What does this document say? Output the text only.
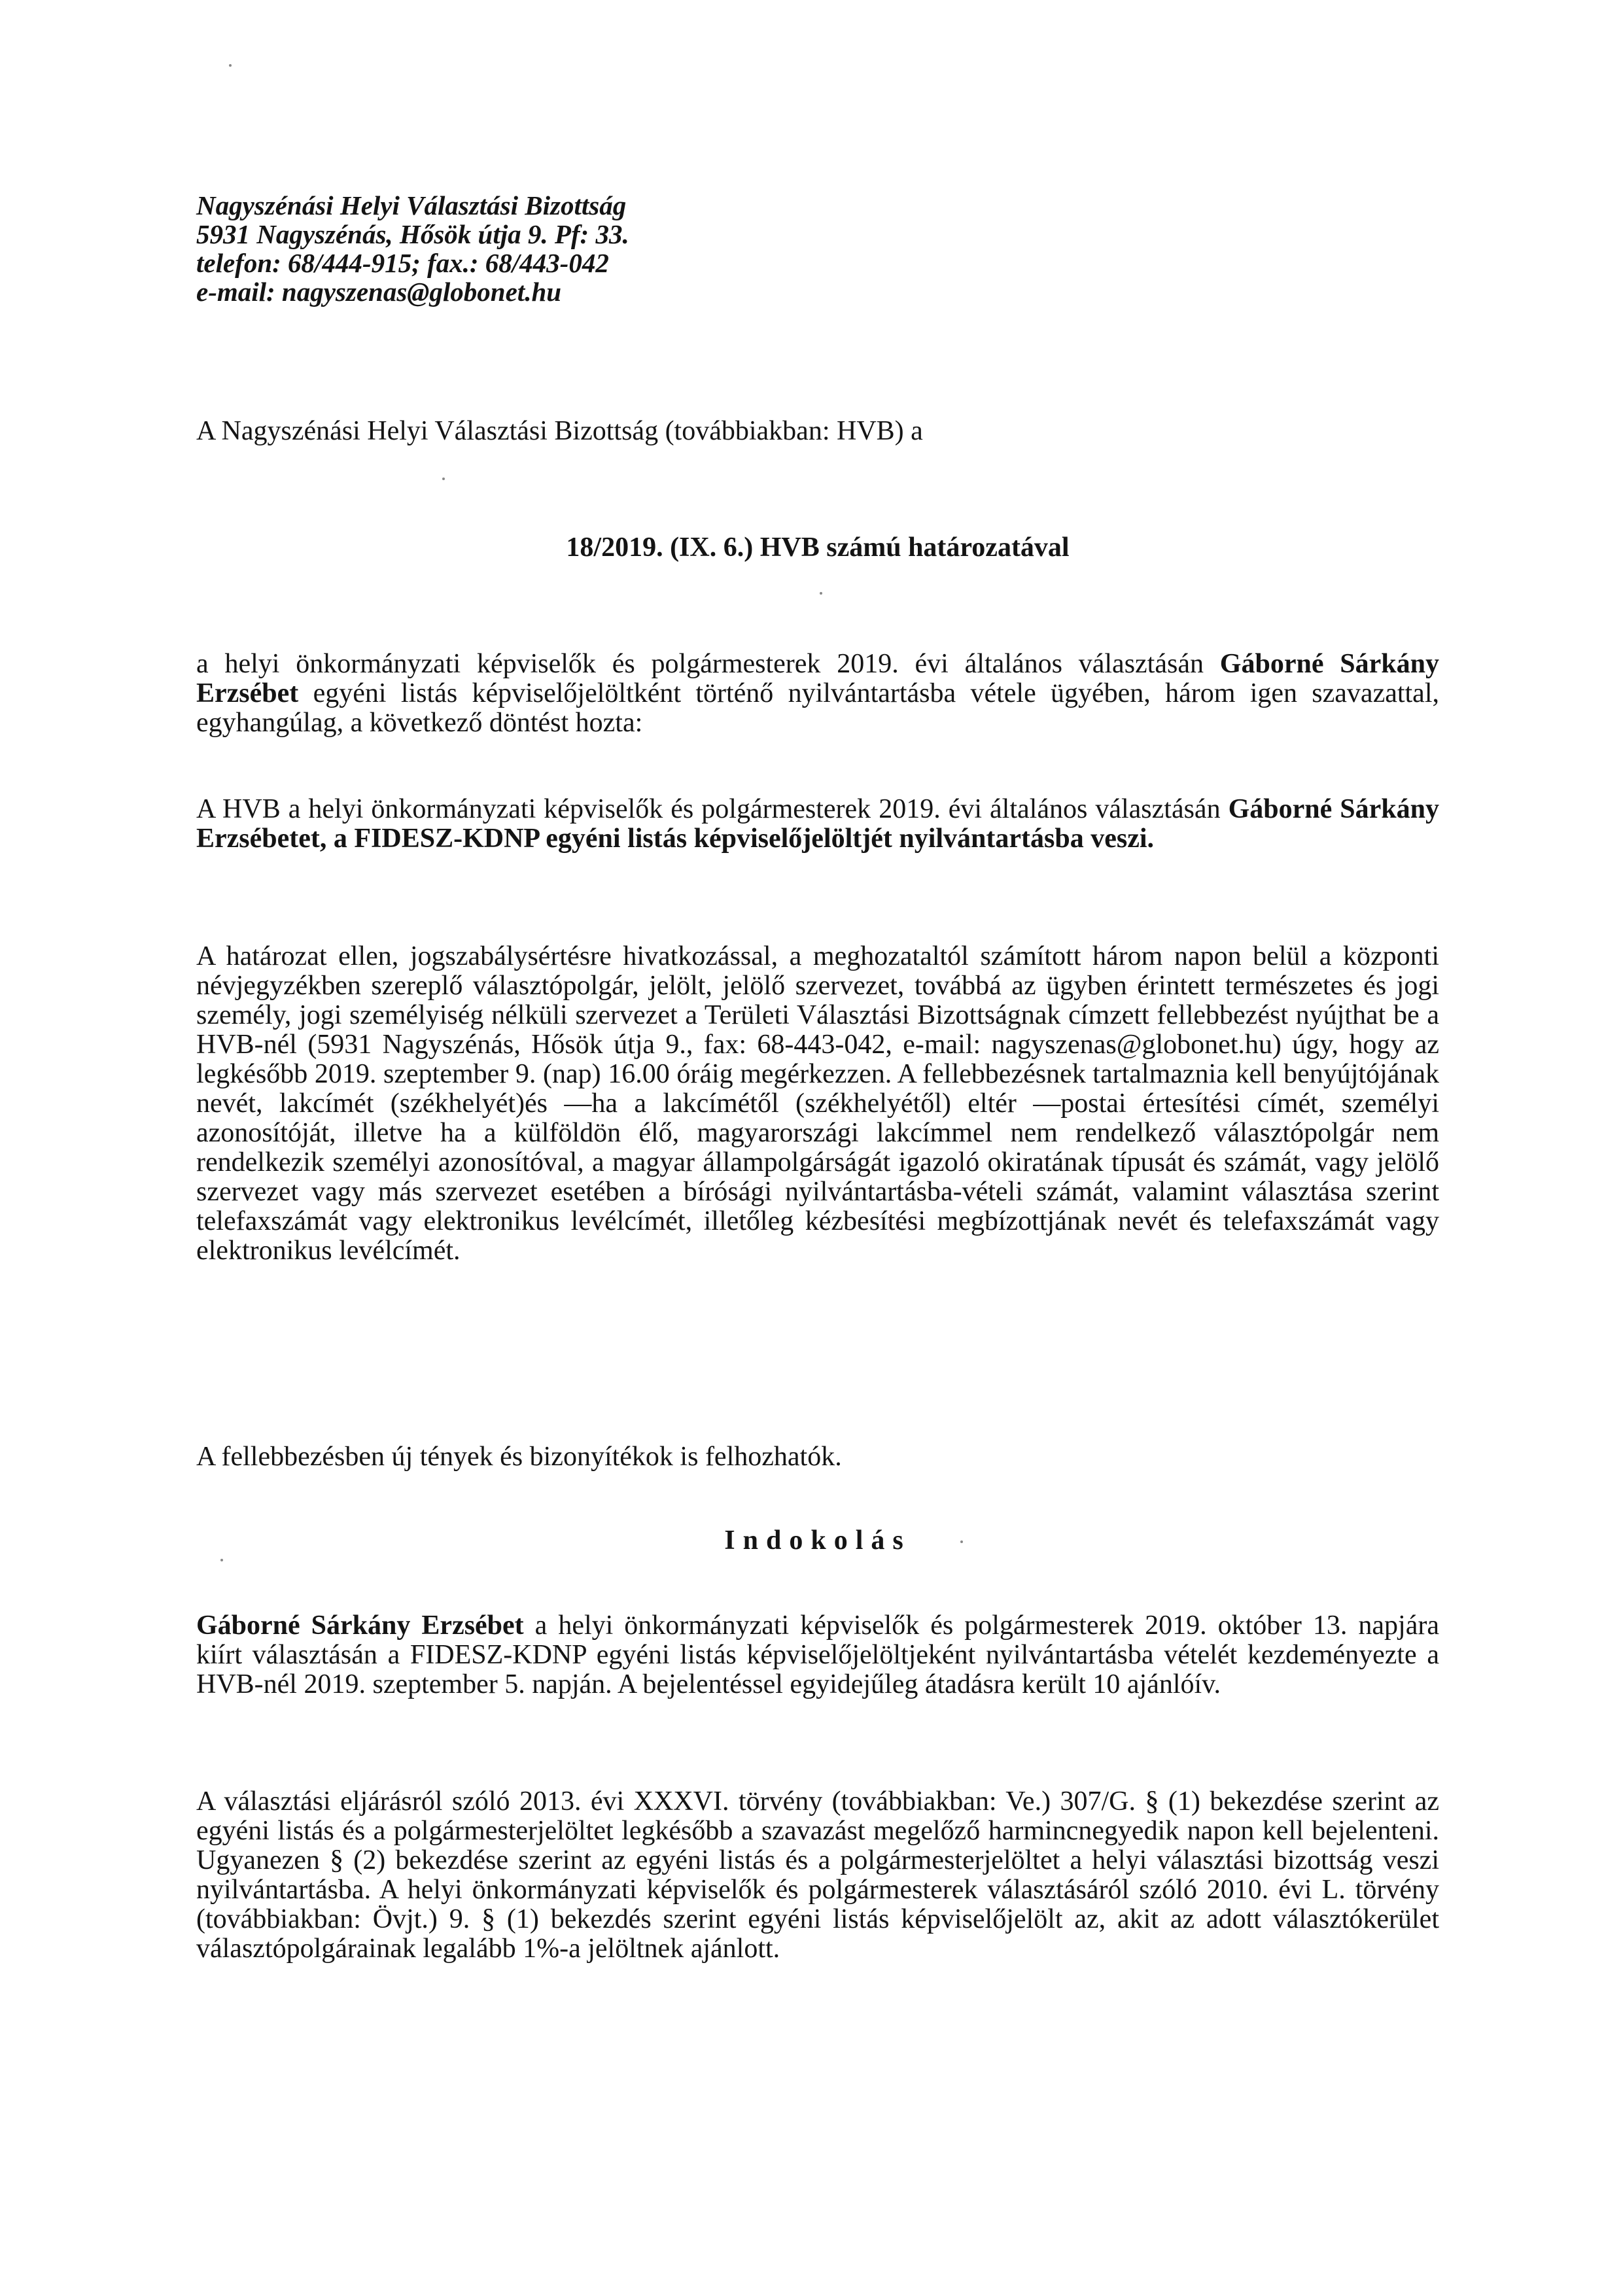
Nagyszénási Helyi Választási Bizottság
5931 Nagyszénás, Hősök útja 9. Pf: 33.
telefon: 68/444-915; fax.: 68/443-042
e-mail: nagyszenas@globonet.hu
A Nagyszénási Helyi Választási Bizottság (továbbiakban: HVB) a
18/2019. (IX. 6.) HVB számú határozatával
a helyi önkormányzati képviselők és polgármesterek 2019. évi általános választásán Gáborné Sárkány Erzsébet egyéni listás képviselőjelöltként történő nyilvántartásba vétele ügyében, három igen szavazattal, egyhangúlag, a következő döntést hozta:
A HVB a helyi önkormányzati képviselők és polgármesterek 2019. évi általános választásán Gáborné Sárkány Erzsébetet, a FIDESZ-KDNP egyéni listás képviselőjelöltjét nyilvántartásba veszi.
A határozat ellen, jogszabálysértésre hivatkozással, a meghozataltól számított három napon belül a központi névjegyzékben szereplő választópolgár, jelölt, jelölő szervezet, továbbá az ügyben érintett természetes és jogi személy, jogi személyiség nélküli szervezet a Területi Választási Bizottságnak címzett fellebbezést nyújthat be a HVB-nél (5931 Nagyszénás, Hősök útja 9., fax: 68-443-042, e-mail: nagyszenas@globonet.hu) úgy, hogy az legkésőbb 2019. szeptember 9. (nap) 16.00 óráig megérkezzen. A fellebbezésnek tartalmaznia kell benyújtójának nevét, lakcímét (székhelyét)és —ha a lakcímétől (székhelyétől) eltér —postai értesítési címét, személyi azonosítóját, illetve ha a külföldön élő, magyarországi lakcímmel nem rendelkező választópolgár nem rendelkezik személyi azonosítóval, a magyar állampolgárságát igazoló okiratának típusát és számát, vagy jelölő szervezet vagy más szervezet esetében a bírósági nyilvántartásba-vételi számát, valamint választása szerint telefaxszámát vagy elektronikus levélcímét, illetőleg kézbesítési megbízottjának nevét és telefaxszámát vagy elektronikus levélcímét.
A fellebbezésben új tények és bizonyítékok is felhozhatók.
Indokolás
Gáborné Sárkány Erzsébet a helyi önkormányzati képviselők és polgármesterek 2019. október 13. napjára kiírt választásán a FIDESZ-KDNP egyéni listás képviselőjelöltjeként nyilvántartásba vételét kezdeményezte a HVB-nél 2019. szeptember 5. napján. A bejelentéssel egyidejűleg átadásra került 10 ajánlóív.
A választási eljárásról szóló 2013. évi XXXVI. törvény (továbbiakban: Ve.) 307/G. § (1) bekezdése szerint az egyéni listás és a polgármesterjelöltet legkésőbb a szavazást megelőző harmincnegyedik napon kell bejelenteni. Ugyanezen § (2) bekezdése szerint az egyéni listás és a polgármesterjelöltet a helyi választási bizottság veszi nyilvántartásba. A helyi önkormányzati képviselők és polgármesterek választásáról szóló 2010. évi L. törvény (továbbiakban: Övjt.) 9. § (1) bekezdés szerint egyéni listás képviselőjelölt az, akit az adott választókerület választópolgárainak legalább 1%-a jelöltnek ajánlott.
